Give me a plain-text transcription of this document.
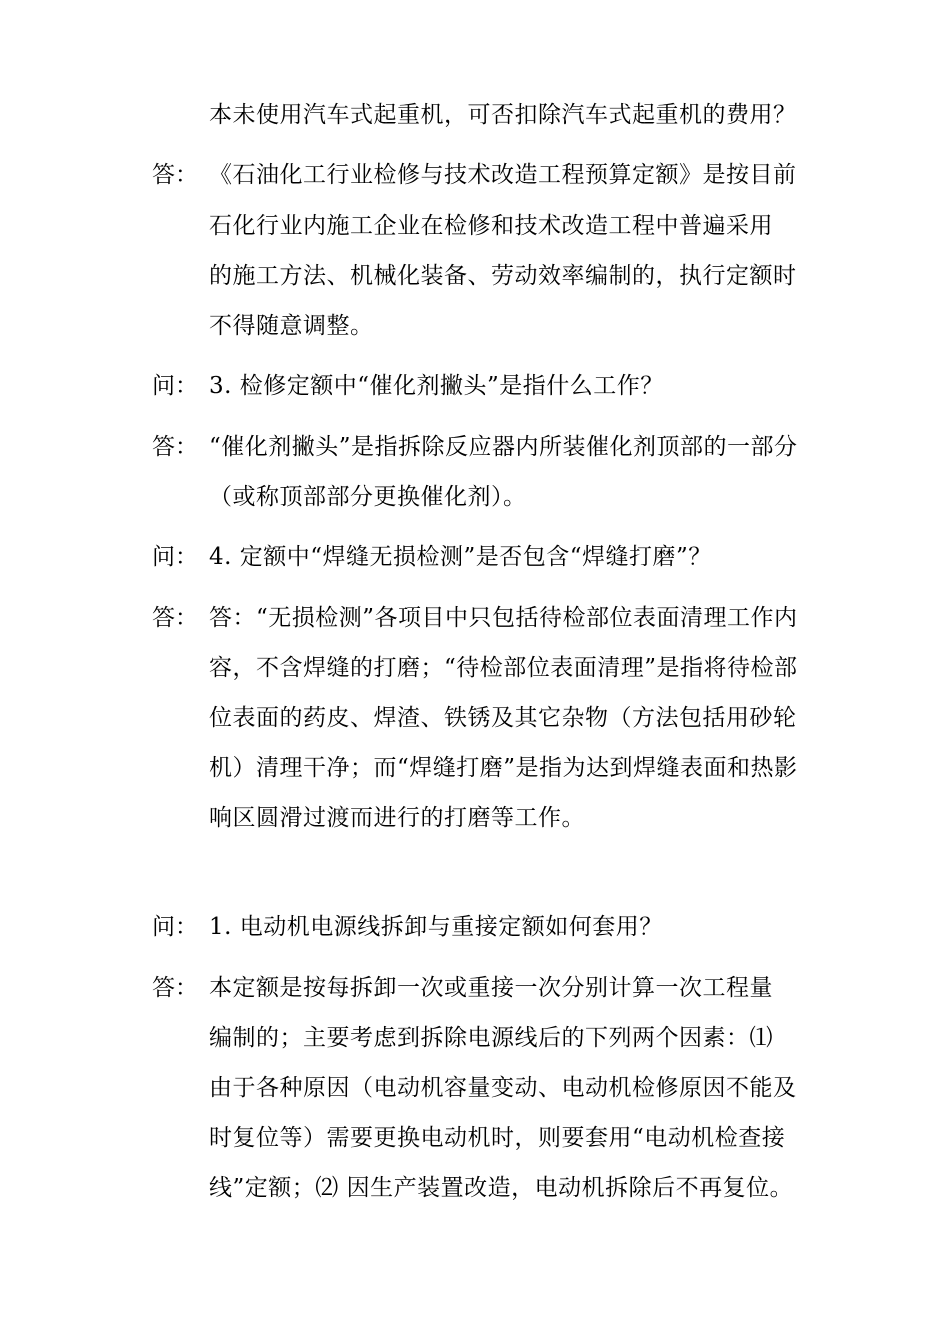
本未使用汽车式起重机，可否扣除汽车式起重机的费用？
答： 《石油化工行业检修与技术改造工程预算定额》是按目前
石化行业内施工企业在检修和技术改造工程中普遍采用
的施工方法、机械化装备、劳动效率编制的，执行定额时
不得随意调整。
问： 3. 检修定额中“催化剂撇头”是指什么工作？
答： “催化剂撇头”是指拆除反应器内所装催化剂顶部的一部分
（或称顶部部分更换催化剂）。
问： 4. 定额中“焊缝无损检测”是否包含“焊缝打磨”？
答： 答：“无损检测”各项目中只包括待检部位表面清理工作内
容，不含焊缝的打磨；“待检部位表面清理”是指将待检部
位表面的药皮、焊渣、铁锈及其它杂物（方法包括用砂轮
机）清理干净；而“焊缝打磨”是指为达到焊缝表面和热影
响区圆滑过渡而进行的打磨等工作。
问： 1. 电动机电源线拆卸与重接定额如何套用？
答： 本定额是按每拆卸一次或重接一次分别计算一次工程量
编制的；主要考虑到拆除电源线后的下列两个因素：⑴
由于各种原因（电动机容量变动、电动机检修原因不能及
时复位等）需要更换电动机时，则要套用“电动机检查接
线”定额；⑵ 因生产装置改造，电动机拆除后不再复位。
